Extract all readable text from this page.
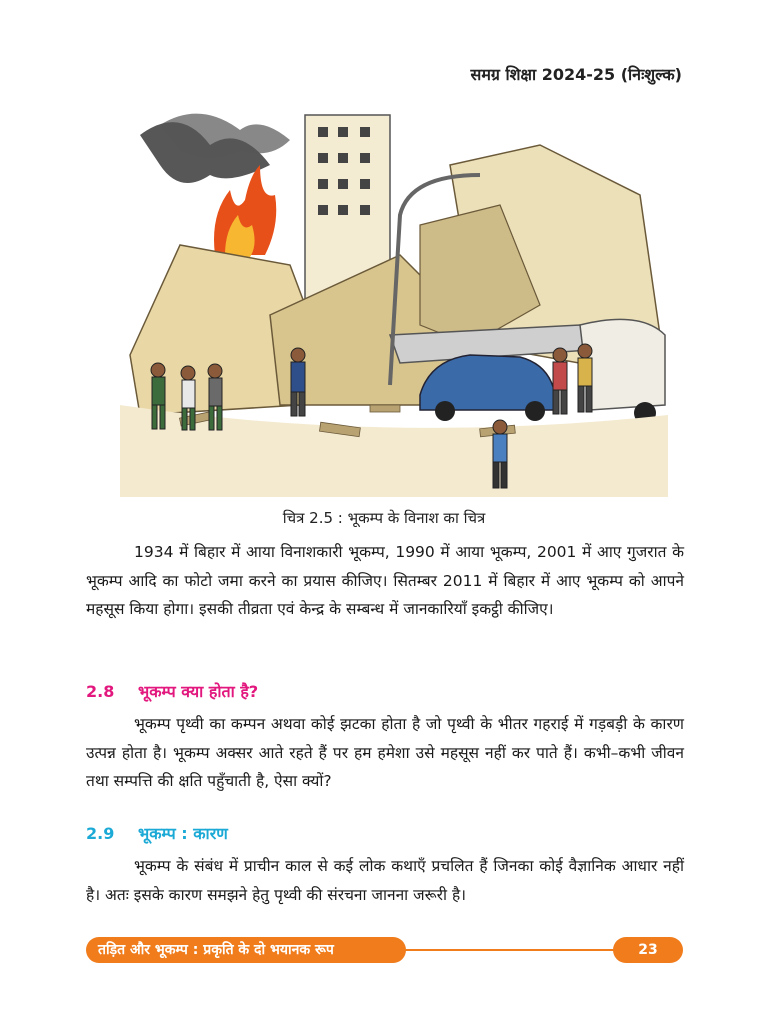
समग्र शिक्षा 2024-25 (निःशुल्क)
चित्र 2.5 : भूकम्प के विनाश का चित्र

1934 में बिहार में आया विनाशकारी भूकम्प, 1990 में आया भूकम्प, 2001 में आए गुजरात के भूकम्प आदि का फोटो जमा करने का प्रयास कीजिए। सितम्बर 2011 में बिहार में आए भूकम्प को आपने महसूस किया होगा। इसकी तीव्रता एवं केन्द्र के सम्बन्ध में जानकारियाँ इकट्ठी कीजिए।

2.8 भूकम्प क्या होता है?

भूकम्प पृथ्वी का कम्पन अथवा कोई झटका होता है जो पृथ्वी के भीतर गहराई में गड़बड़ी के कारण उत्पन्न होता है। भूकम्प अक्सर आते रहते हैं पर हम हमेशा उसे महसूस नहीं कर पाते हैं। कभी–कभी जीवन तथा सम्पत्ति की क्षति पहुँचाती है, ऐसा क्यों?

2.9 भूकम्प : कारण

भूकम्प के संबंध में प्राचीन काल से कई लोक कथाएँ प्रचलित हैं जिनका कोई वैज्ञानिक आधार नहीं है। अतः इसके कारण समझने हेतु पृथ्वी की संरचना जानना जरूरी है।

तड़ित और भूकम्प : प्रकृति के दो भयानक रूप	23
